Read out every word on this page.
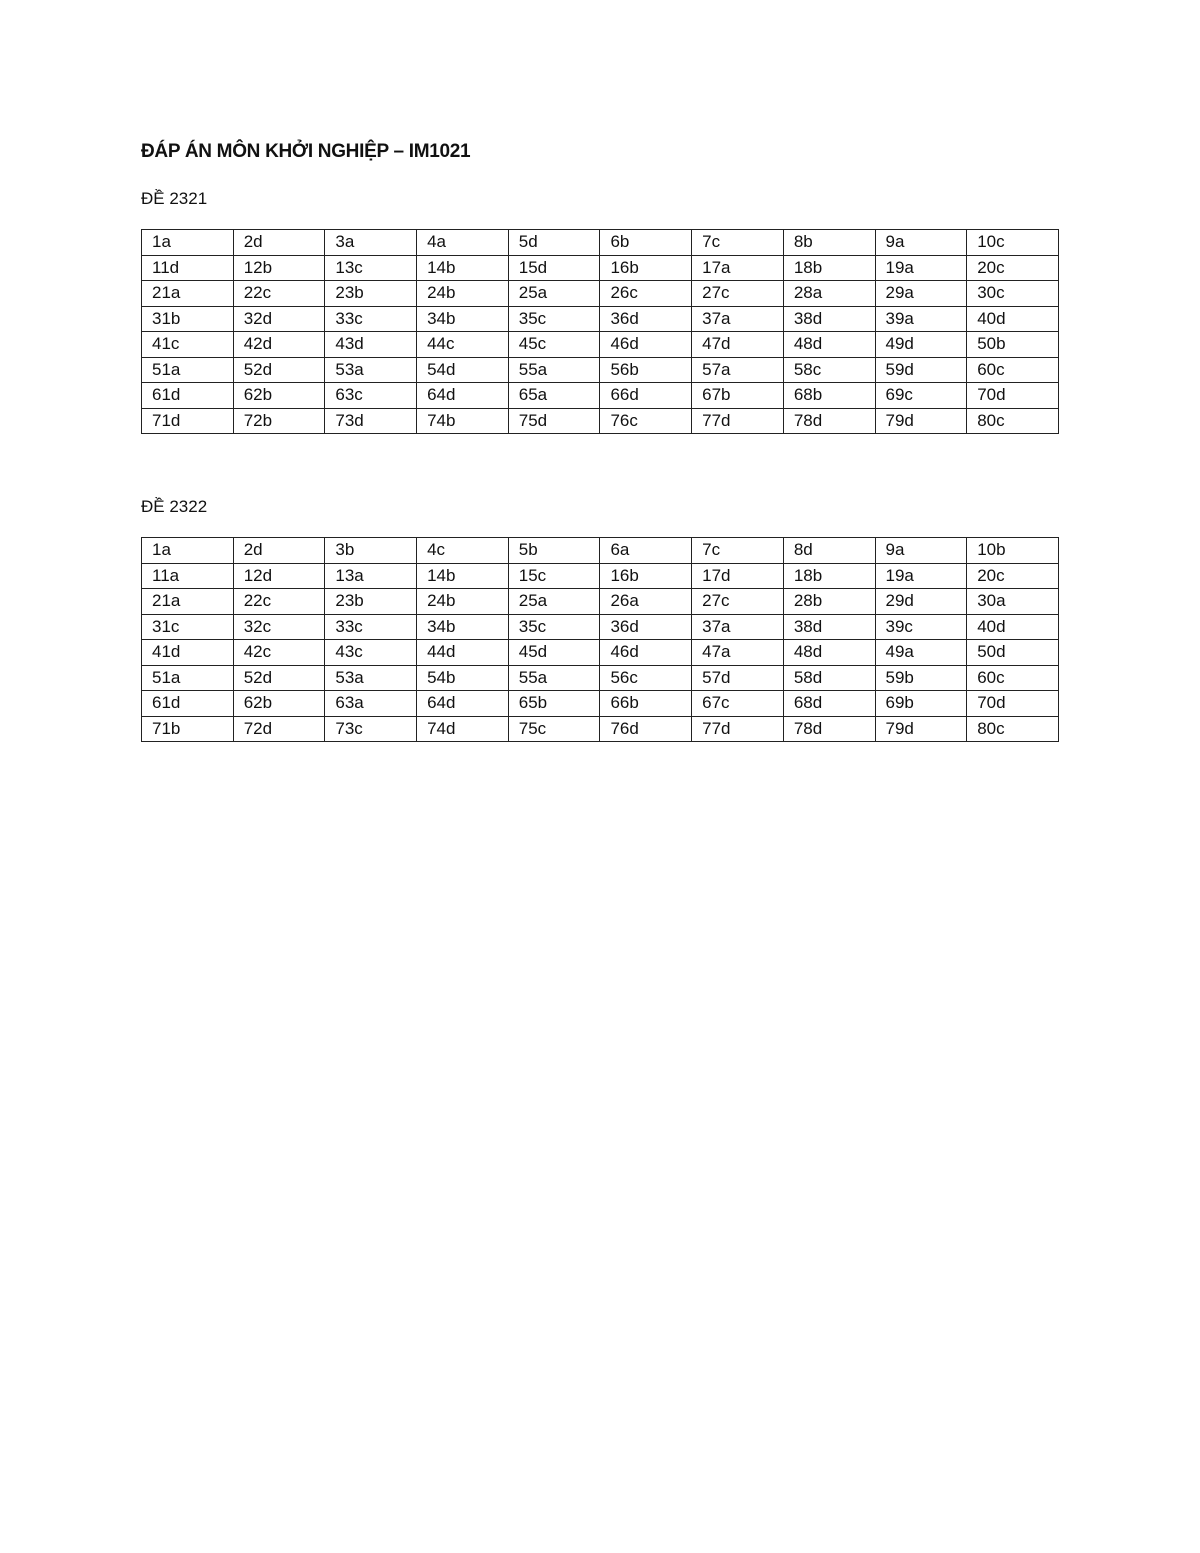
ĐÁP ÁN MÔN KHỞI NGHIỆP – IM1021
ĐỀ 2321
1a	2d	3a	4a	5d	6b	7c	8b	9a	10c
11d	12b	13c	14b	15d	16b	17a	18b	19a	20c
21a	22c	23b	24b	25a	26c	27c	28a	29a	30c
31b	32d	33c	34b	35c	36d	37a	38d	39a	40d
41c	42d	43d	44c	45c	46d	47d	48d	49d	50b
51a	52d	53a	54d	55a	56b	57a	58c	59d	60c
61d	62b	63c	64d	65a	66d	67b	68b	69c	70d
71d	72b	73d	74b	75d	76c	77d	78d	79d	80c
ĐỀ 2322
1a	2d	3b	4c	5b	6a	7c	8d	9a	10b
11a	12d	13a	14b	15c	16b	17d	18b	19a	20c
21a	22c	23b	24b	25a	26a	27c	28b	29d	30a
31c	32c	33c	34b	35c	36d	37a	38d	39c	40d
41d	42c	43c	44d	45d	46d	47a	48d	49a	50d
51a	52d	53a	54b	55a	56c	57d	58d	59b	60c
61d	62b	63a	64d	65b	66b	67c	68d	69b	70d
71b	72d	73c	74d	75c	76d	77d	78d	79d	80c
